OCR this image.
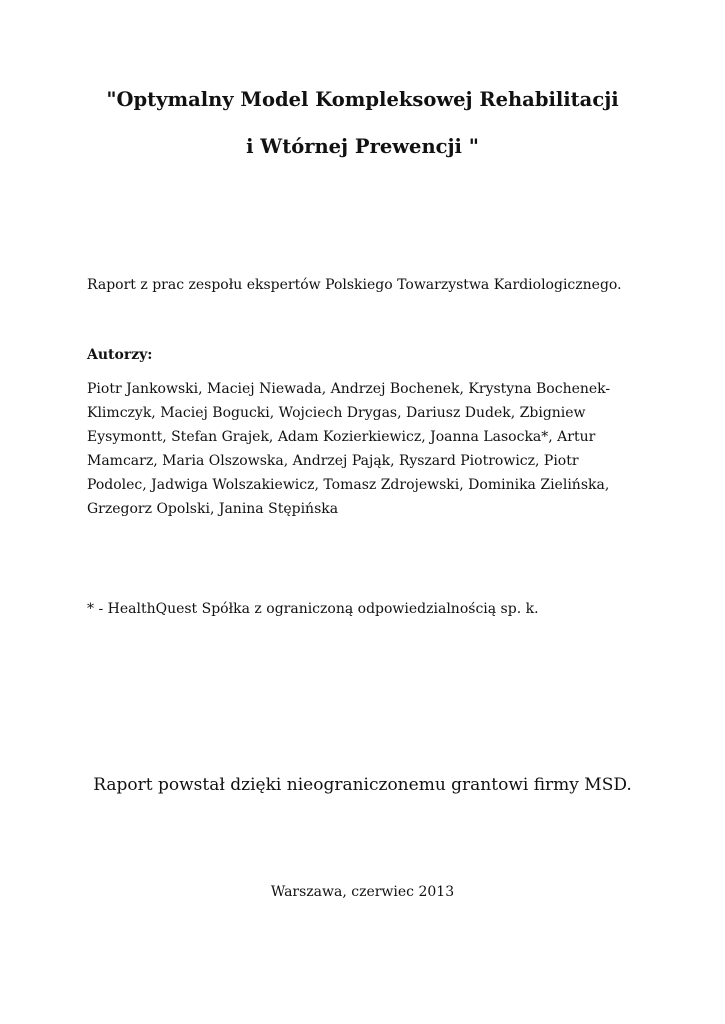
"Optymalny Model Kompleksowej Rehabilitacji
i Wtórnej Prewencji "
Raport z prac zespołu ekspertów Polskiego Towarzystwa Kardiologicznego.
Autorzy:
Piotr Jankowski, Maciej Niewada, Andrzej Bochenek, Krystyna Bochenek-Klimczyk, Maciej Bogucki, Wojciech Drygas, Dariusz Dudek, Zbigniew Eysymontt, Stefan Grajek, Adam Kozierkiewicz, Joanna Lasocka*, Artur Mamcarz, Maria Olszowska, Andrzej Pająk, Ryszard Piotrowicz, Piotr Podolec, Jadwiga Wolszakiewicz, Tomasz Zdrojewski, Dominika Zielińska, Grzegorz Opolski, Janina Stępińska
* - HealthQuest Spółka z ograniczoną odpowiedzialnością sp. k.
Raport powstał dzięki nieograniczonemu grantowi firmy MSD.
Warszawa, czerwiec 2013
